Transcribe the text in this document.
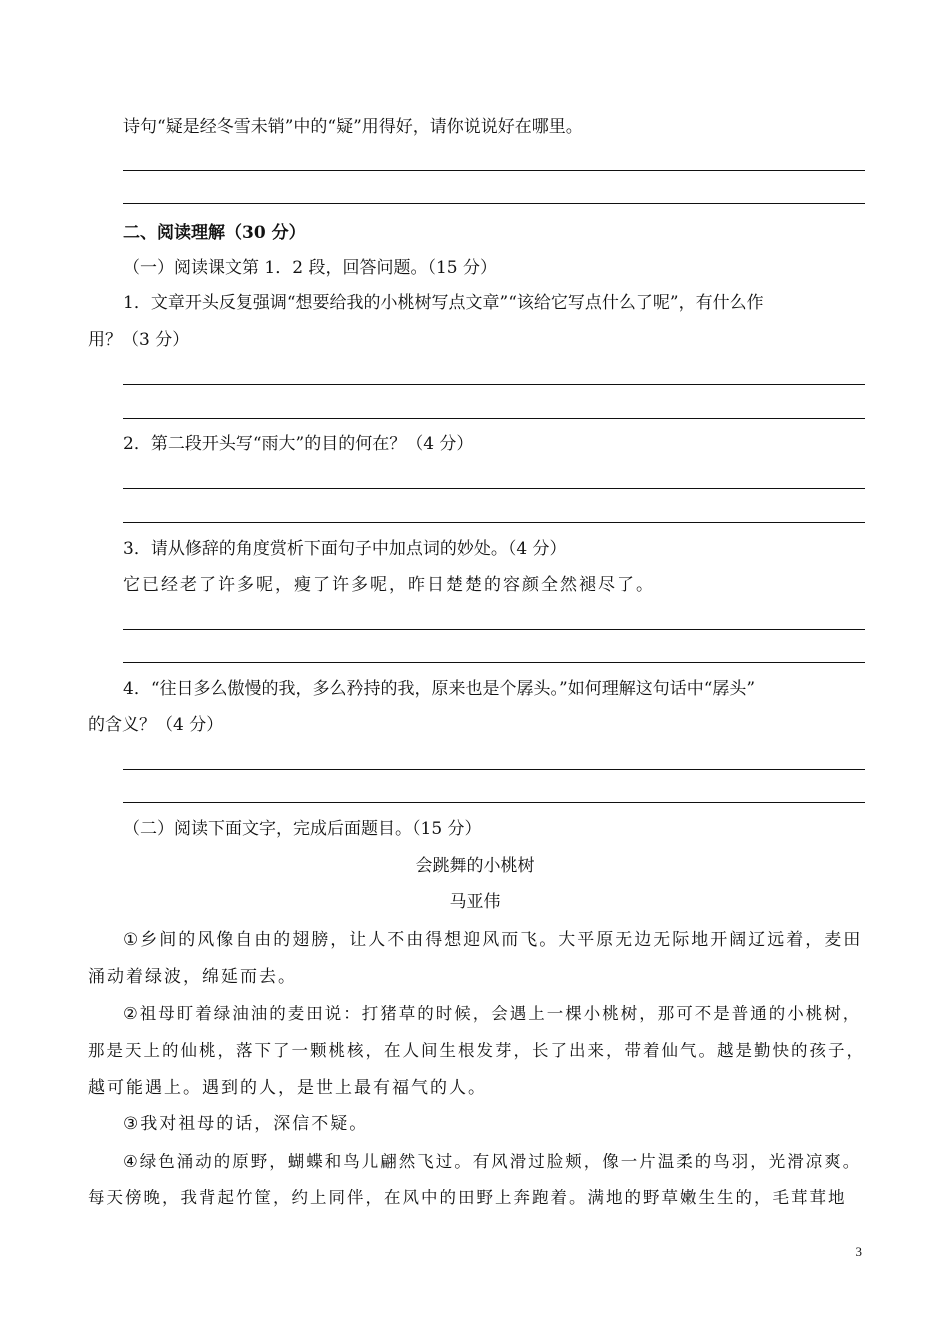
诗句“疑是经冬雪未销”中的“疑”用得好，请你说说好在哪里。
二、阅读理解（30 分）
（一）阅读课文第 1．2 段，回答问题。（15 分）
1．文章开头反复强调“想要给我的小桃树写点文章”“该给它写点什么了呢”，有什么作
用？（3 分）
2．第二段开头写“雨大”的目的何在？（4 分）
3．请从修辞的角度赏析下面句子中加点词的妙处。（4 分）
它已经老了许多呢，瘦了许多呢，昨日楚楚的容颜全然褪尽了。
4．“往日多么傲慢的我，多么矜持的我，原来也是个孱头。”如何理解这句话中“孱头”
的含义？（4 分）
（二）阅读下面文字，完成后面题目。（15 分）
会跳舞的小桃树
马亚伟
①乡间的风像自由的翅膀，让人不由得想迎风而飞。大平原无边无际地开阔辽远着，麦田
涌动着绿波，绵延而去。
②祖母盯着绿油油的麦田说：打猪草的时候，会遇上一棵小桃树，那可不是普通的小桃树，
那是天上的仙桃，落下了一颗桃核，在人间生根发芽，长了出来，带着仙气。越是勤快的孩子，
越可能遇上。遇到的人，是世上最有福气的人。
③我对祖母的话，深信不疑。
④绿色涌动的原野，蝴蝶和鸟儿翩然飞过。有风滑过脸颊，像一片温柔的鸟羽，光滑凉爽。
每天傍晚，我背起竹筐，约上同伴，在风中的田野上奔跑着。满地的野草嫩生生的，毛茸茸地
3
